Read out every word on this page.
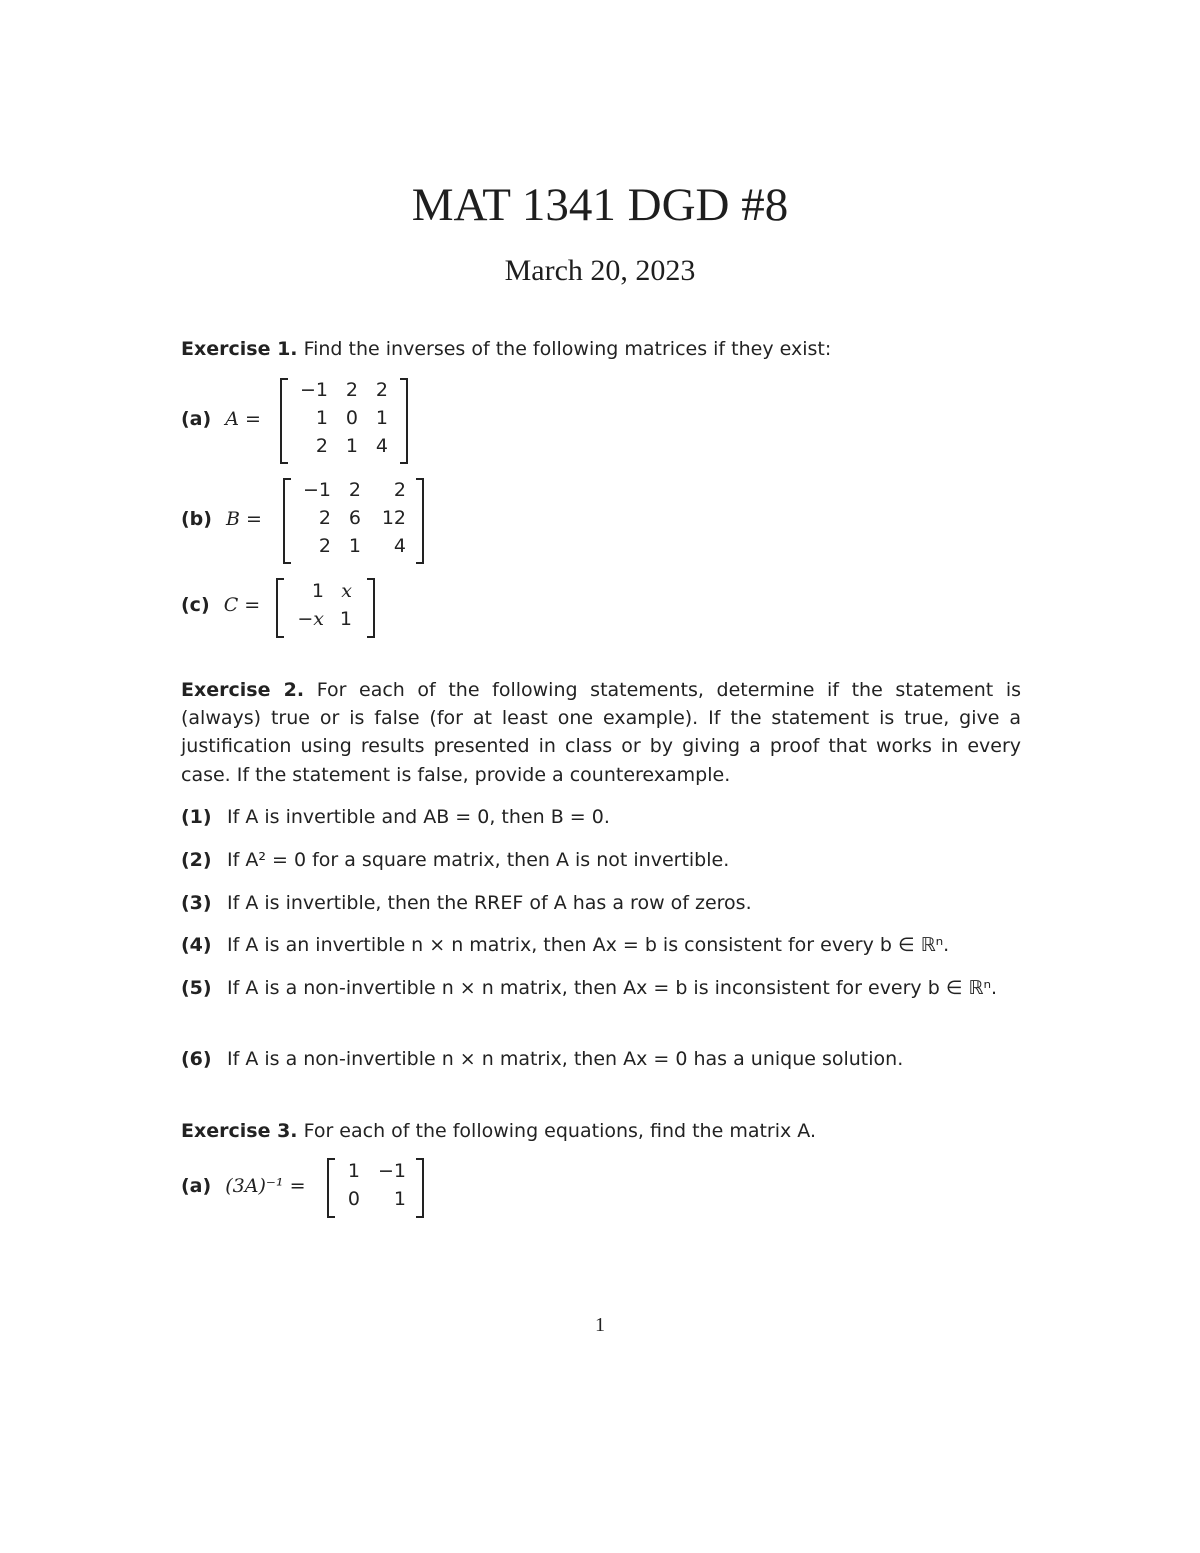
MAT 1341 DGD #8
March 20, 2023
Exercise 1. Find the inverses of the following matrices if they exist:
(a) A =
−1 2 2
1 0 1
2 1 4
(b) B =
−1 2	2
2 6	12
2 1	4
(c) C =
1 x
−x 1
Exercise 2. For each of the following statements, determine if the statement is (always) true or is false (for at least one example). If the statement is true, give a justification using results presented in class or by giving a proof that works in every case. If the statement is false, provide a counterexample.
(1) If A is invertible and AB = 0, then B = 0.
(2) If A² = 0 for a square matrix, then A is not invertible.
(3) If A is invertible, then the RREF of A has a row of zeros.
(4) If A is an invertible n × n matrix, then Ax = b is consistent for every b ∈ ℝⁿ.
(5) If A is a non-invertible n × n matrix, then Ax = b is inconsistent for every b ∈ ℝⁿ.
(6) If A is a non-invertible n × n matrix, then Ax = 0 has a unique solution.
Exercise 3. For each of the following equations, find the matrix A.
(a) (3A)⁻¹ =
1 −1
0	1
1
